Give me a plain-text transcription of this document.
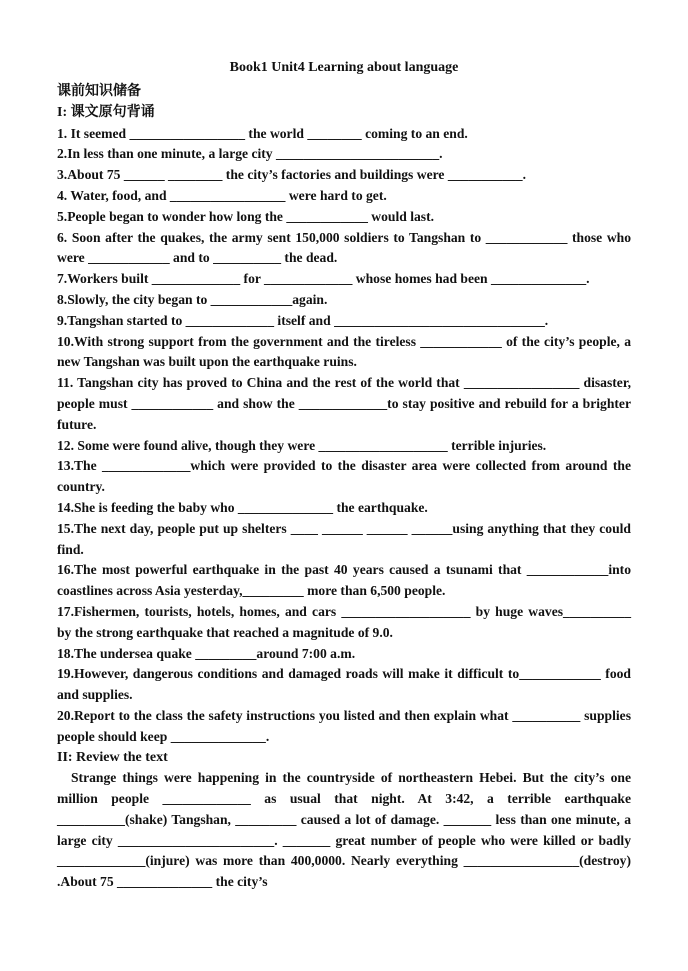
Book1 Unit4 Learning about language
课前知识储备
I: 课文原句背诵
1. It seemed _________________ the world ________ coming to an end.
2.In less than one minute, a large city ________________________.
3.About 75 ______ ________ the city’s factories and buildings were ___________.
4. Water, food, and _________________ were hard to get.
5.People began to wonder how long the ____________ would last.
6. Soon after the quakes, the army sent 150,000 soldiers to Tangshan to ____________ those who were ____________ and to __________ the dead.
7.Workers built _____________ for _____________ whose homes had been ______________.
8.Slowly, the city began to ____________again.
9.Tangshan started to _____________ itself and _______________________________.
10.With strong support from the government and the tireless ____________ of the city’s people, a new Tangshan was built upon the earthquake ruins.
11. Tangshan city has proved to China and the rest of the world that _________________ disaster, people must ____________ and show the _____________to stay positive and rebuild for a brighter future.
12. Some were found alive, though they were ___________________ terrible injuries.
13.The _____________which were provided to the disaster area were collected from around the country.
14.She is feeding the baby who ______________ the earthquake.
15.The next day, people put up shelters ____ ______ ______ ______using anything that they could find.
16.The most powerful earthquake in the past 40 years caused a tsunami that ____________into coastlines across Asia yesterday,_________ more than 6,500 people.
17.Fishermen, tourists, hotels, homes, and cars ___________________ by huge waves__________ by the strong earthquake that reached a magnitude of 9.0.
18.The undersea quake _________around 7:00 a.m.
19.However, dangerous conditions and damaged roads will make it difficult to____________ food and supplies.
20.Report to the class the safety instructions you listed and then explain what __________ supplies people should keep ______________.
II: Review the text
Strange things were happening in the countryside of northeastern Hebei. But the city’s one million people _____________ as usual that night. At 3:42, a terrible earthquake __________(shake) Tangshan, _________ caused a lot of damage. _______ less than one minute, a large city _______________________. _______ great number of people who were killed or badly _____________(injure) was more than 400,0000. Nearly everything _________________(destroy) .About 75 ______________ the city’s
